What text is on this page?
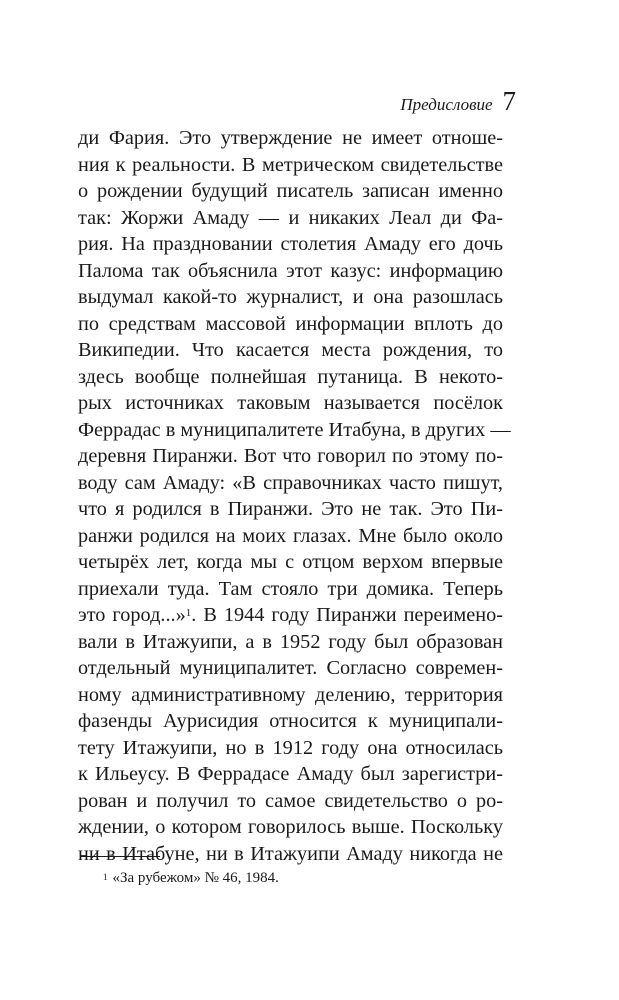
Предисловие 7
ди Фария. Это утверждение не имеет отноше-
ния к реальности. В метрическом свидетельстве
о рождении будущий писатель записан именно
так: Жоржи Амаду — и никаких Леал ди Фа-
рия. На праздновании столетия Амаду его дочь
Палома так объяснила этот казус: информацию
выдумал какой-то журналист, и она разошлась
по средствам массовой информации вплоть до
Википедии. Что касается места рождения, то
здесь вообще полнейшая путаница. В некото-
рых источниках таковым называется посёлок
Феррадас в муниципалитете Итабуна, в других —
деревня Пиранжи. Вот что говорил по этому по-
воду сам Амаду: «В справочниках часто пишут,
что я родился в Пиранжи. Это не так. Это Пи-
ранжи родился на моих глазах. Мне было около
четырёх лет, когда мы с отцом верхом впервые
приехали туда. Там стояло три домика. Теперь
это город...»$^1$. В 1944 году Пиранжи переимено-
вали в Итажуипи, а в 1952 году был образован
отдельный муниципалитет. Согласно современ-
ному административному делению, территория
фазенды Аурисидия относится к муниципали-
тету Итажуипи, но в 1912 году она относилась
к Ильеусу. В Феррадасе Амаду был зарегистри-
рован и получил то самое свидетельство о ро-
ждении, о котором говорилось выше. Поскольку
ни в Итабуне, ни в Итажуипи Амаду никогда не
$^1$ «За рубежом» № 46, 1984.
